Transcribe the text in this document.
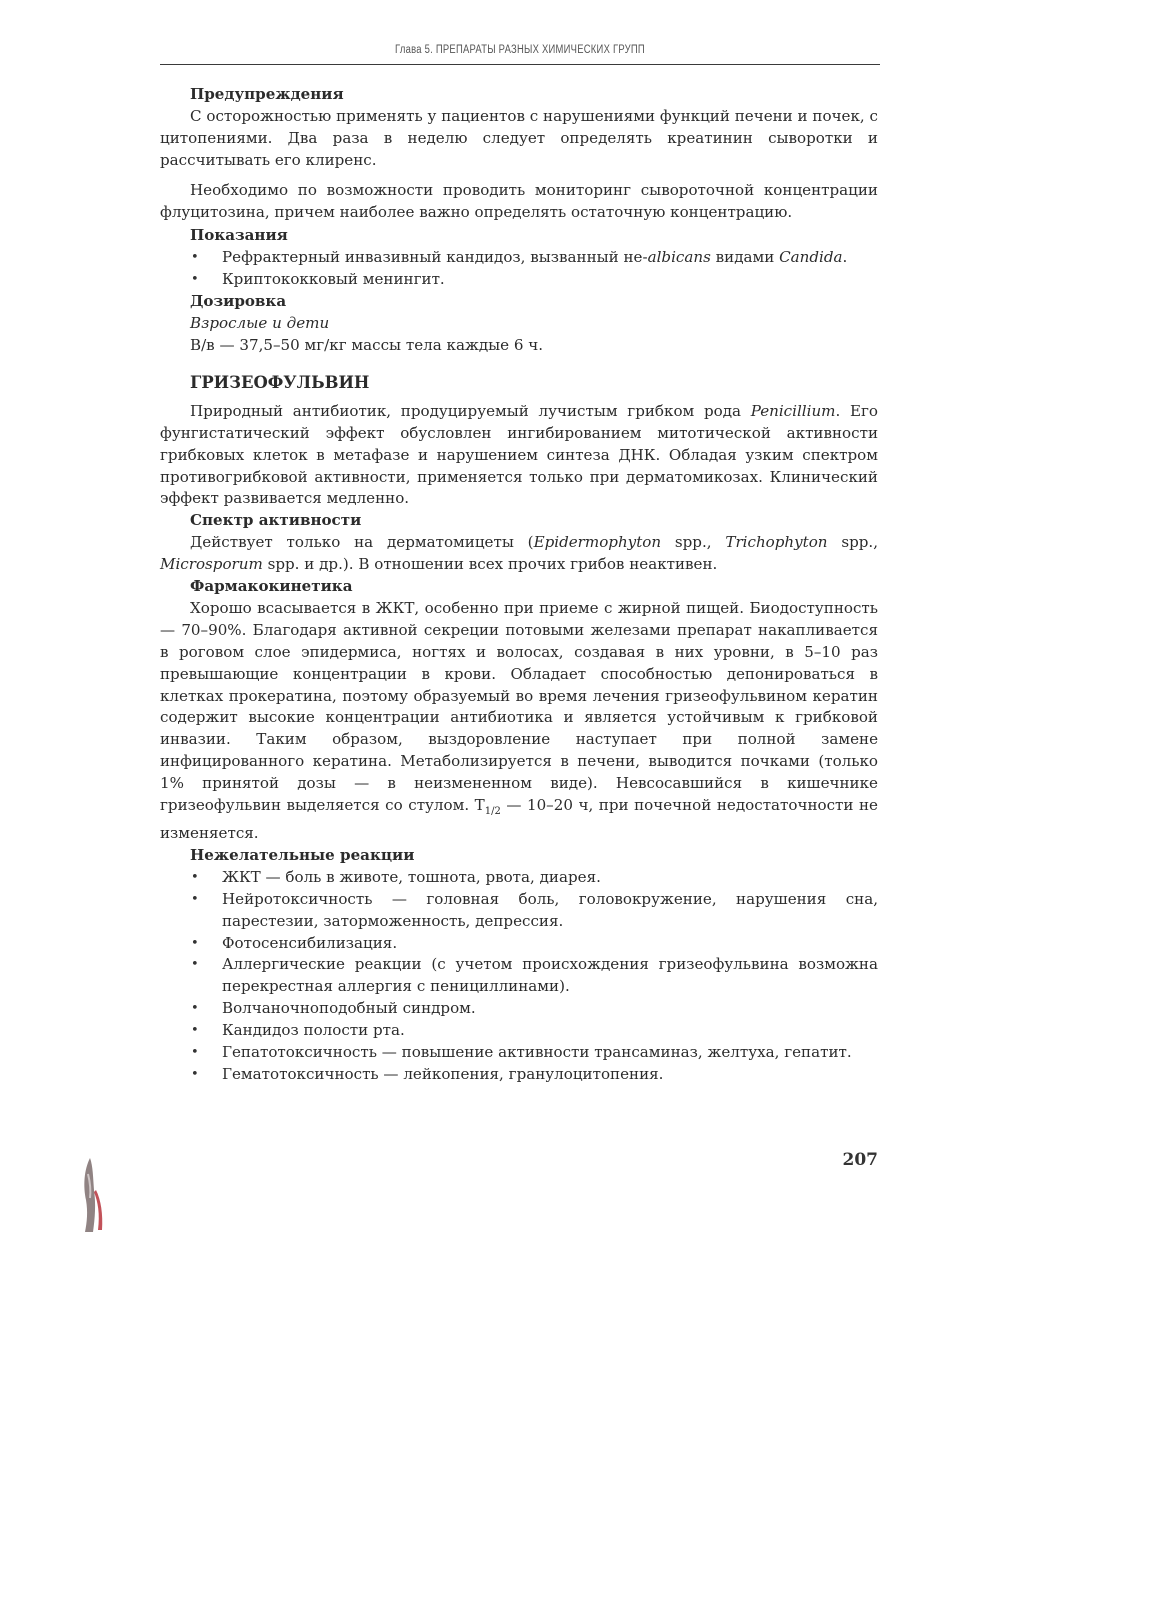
Глава 5. ПРЕПАРАТЫ РАЗНЫХ ХИМИЧЕСКИХ ГРУПП
Предупреждения

С осторожностью применять у пациентов с нарушениями функций печени и почек, с цитопениями. Два раза в неделю следует определять креатинин сыворотки и рассчитывать его клиренс.

Необходимо по возможности проводить мониторинг сывороточной концентрации флуцитозина, причем наиболее важно определять остаточную концентрацию.

Показания
• Рефрактерный инвазивный кандидоз, вызванный не-albicans видами Candida.
• Криптококковый менингит.
Дозировка
Взрослые и дети
В/в — 37,5–50 мг/кг массы тела каждые 6 ч.
ГРИЗЕОФУЛЬВИН

Природный антибиотик, продуцируемый лучистым грибком рода Penicillium. Его фунгистатический эффект обусловлен ингибированием митотической активности грибковых клеток в метафазе и нарушением синтеза ДНК. Обладая узким спектром противогрибковой активности, применяется только при дерматомикозах. Клинический эффект развивается медленно.

Спектр активности

Действует только на дерматомицеты (Epidermophyton spp., Trichophyton spp., Microsporum spp. и др.). В отношении всех прочих грибов неактивен.

Фармакокинетика

Хорошо всасывается в ЖКТ, особенно при приеме с жирной пищей. Биодоступность — 70–90%. Благодаря активной секреции потовыми железами препарат накапливается в роговом слое эпидермиса, ногтях и волосах, создавая в них уровни, в 5–10 раз превышающие концентрации в крови. Обладает способностью депонироваться в клетках прокератина, поэтому образуемый во время лечения гризеофульвином кератин содержит высокие концентрации антибиотика и является устойчивым к грибковой инвазии. Таким образом, выздоровление наступает при полной замене инфицированного кератина. Метаболизируется в печени, выводится почками (только 1% принятой дозы — в неизмененном виде). Невсосавшийся в кишечнике гризеофульвин выделяется со стулом. $T_{1/2}$ — 10–20 ч, при почечной недостаточности не изменяется.

Нежелательные реакции
• ЖКТ — боль в животе, тошнота, рвота, диарея.
• Нейротоксичность — головная боль, головокружение, нарушения сна, парестезии, заторможенность, депрессия.
• Фотосенсибилизация.
• Аллергические реакции (с учетом происхождения гризеофульвина возможна перекрестная аллергия с пенициллинами).
• Волчаночноподобный синдром.
• Кандидоз полости рта.
• Гепатотоксичность — повышение активности трансаминаз, желтуха, гепатит.
• Гематотоксичность — лейкопения, гранулоцитопения.
207
